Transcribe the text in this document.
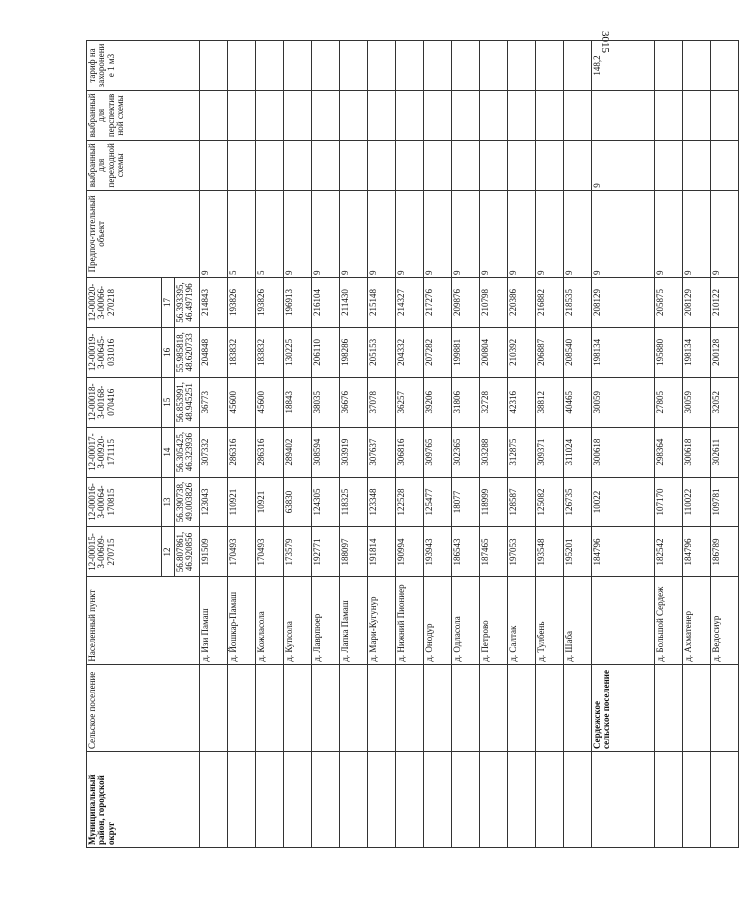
3015
Муниципальный район, городской округ	Сельское поселение	Населенный пункт	12-00015-З-00609-270715	12-00016-З-00064-170815	12-00017-З-00920-171115	12-00018-З-00168-070416	12-00019-З-00645-031016	12-00020-З-00066-270218	Предпоч-тительный объект	выбранный для переходной схемы	выбранный для перспективной схемы	тариф на захоронение 1 м3
			12	13	14	15	16	17				
			56.807861, 46.920856	56.390738, 49.003826	56.305425, 46.323936	56.853991, 48.945251	55.985818, 48.620733	56.393395, 46.497196				
		д. Изи Памаш	191509	123043	307332	36773	204848	214843	9			
		д. Йошкар-Памаш	170493	110921	286316	45600	183832	193826	5			
		д. Кожласола	170493	10921	286316	45600	183832	193826	5			
		д. Купсола	173579	63830	289402	18843	130225	196913	9			
		д. Лаврпюер	192771	124305	308594	38035	206110	216104	9			
		д. Лапка Памаш	188097	118325	303919	36676	198286	211430	9			
		д. Мари-Кугунур	191814	123348	307637	37078	205153	215148	9			
		д. Нижний Пиониер	190994	122528	306816	36257	204332	214327	9			
		д. Онодур	193943	125477	309765	39206	207282	217276	9			
		д. Одласола	186543	18077	302365	31806	199881	209876	9			
		д. Петрово	187465	118999	303288	32728	200804	210798	9			
		д. Салтак	197053	128587	312875	42316	210392	220386	9			
		д. Тулбень	193548	125082	309371	38812	206887	216882	9			
		д. Шаба	195201	126735	311024	40465	208540	218535	9			
	Сердежское сельское поселение		184796	10022	300618	30059	198134	208129	9	9		148,2
		д. Большой Сердеж	182542	107170	298364	27805	195880	205875	9			
		д. Ахматенер	184796	110022	300618	30059	198134	208129	9			
		д. Ведосиур	186789	109781	302611	32052	200128	210122	9			
